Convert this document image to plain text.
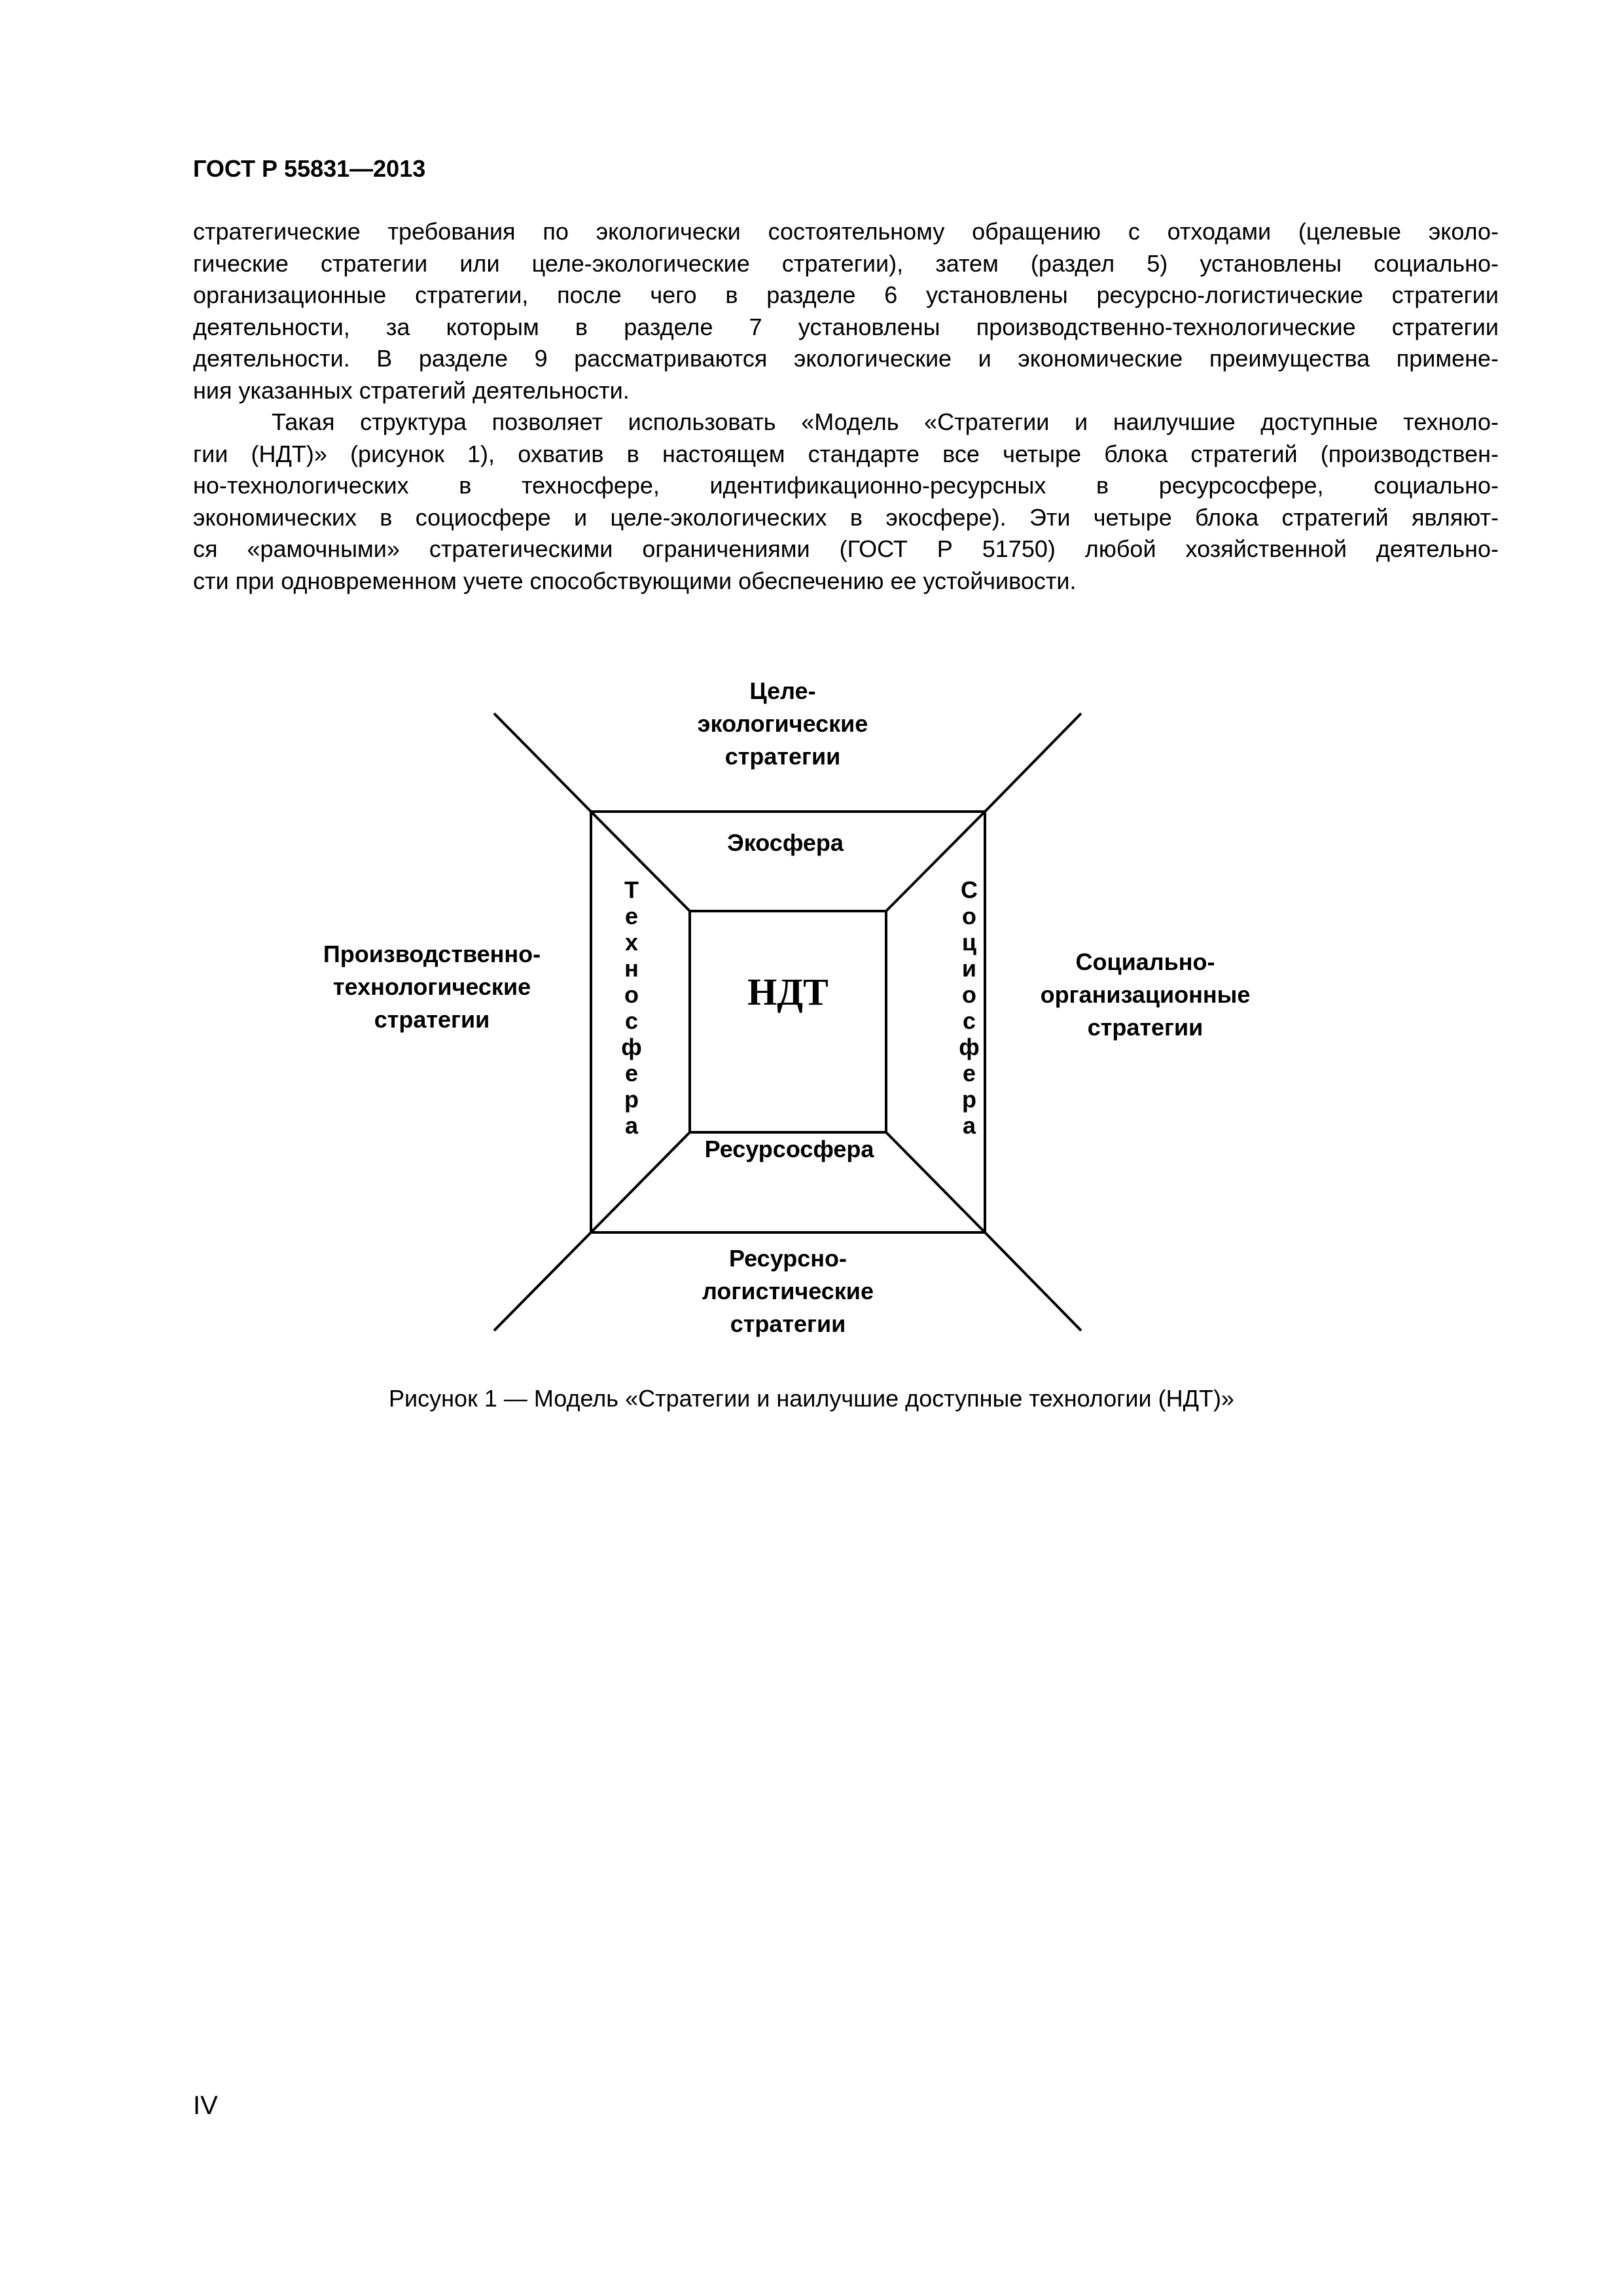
ГОСТ Р 55831—2013
стратегические требования по экологически состоятельному обращению с отходами (целевые эколо-
гические стратегии или целе-экологические стратегии), затем (раздел 5) установлены социально-
организационные стратегии, после чего в разделе 6 установлены ресурсно-логистические стратегии
деятельности, за которым в разделе 7 установлены производственно-технологические стратегии
деятельности. В разделе 9 рассматриваются экологические и экономические преимущества примене-
ния указанных стратегий деятельности.
Такая структура позволяет использовать «Модель «Стратегии и наилучшие доступные техноло-
гии (НДТ)» (рисунок 1), охватив в настоящем стандарте все четыре блока стратегий (производствен-
но-технологических в техносфере, идентификационно-ресурсных в ресурсосфере, социально-
экономических в социосфере и целе-экологических в экосфере). Эти четыре блока стратегий являют-
ся «рамочными» стратегическими ограничениями (ГОСТ Р 51750) любой хозяйственной деятельно-
сти при одновременном учете способствующими обеспечению ее устойчивости.
Целе-
экологические
стратегии
Производственно-
технологические
стратегии
Социально-
организационные
стратегии
Ресурсно-
логистические
стратегии
Экосфера
Ресурсосфера
Т е х н о с ф е р а
С о ц и о с ф е р а
НДТ
Рисунок 1 — Модель «Стратегии и наилучшие доступные технологии (НДТ)»
IV
